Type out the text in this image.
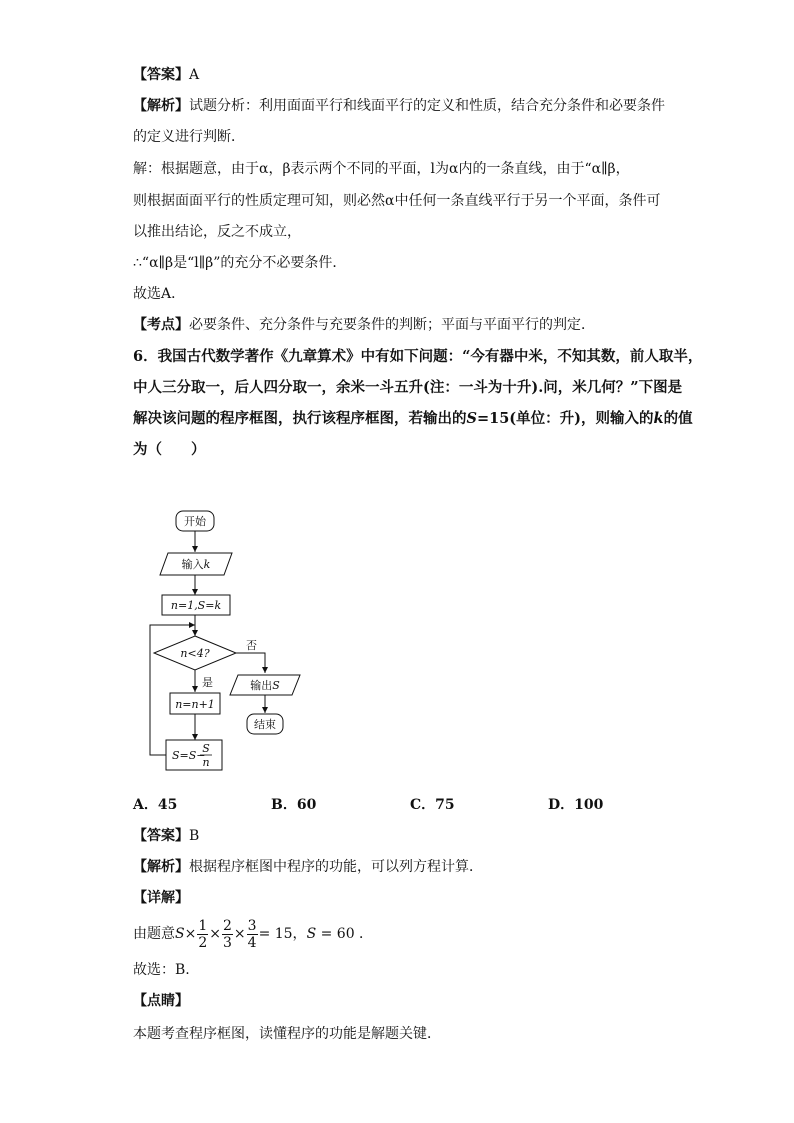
【答案】A
【解析】试题分析：利用面面平行和线面平行的定义和性质，结合充分条件和必要条件
的定义进行判断．
解：根据题意，由于α，β表示两个不同的平面，l为α内的一条直线，由于“α∥β，
则根据面面平行的性质定理可知，则必然α中任何一条直线平行于另一个平面，条件可
以推出结论，反之不成立，
∴“α∥β是“l∥β”的充分不必要条件．
故选A．
【考点】必要条件、充分条件与充要条件的判断；平面与平面平行的判定．
6．我国古代数学著作《九章算术》中有如下问题：“今有器中米，不知其数，前人取半，
中人三分取一，后人四分取一，余米一斗五升(注：一斗为十升).问，米几何？”下图是
解决该问题的程序框图，执行该程序框图，若输出的S=15(单位：升)，则输入的k的值
为（　　）
开始
输入k
n=1,S=k
n<4?
否
输出S
结束
是
n=n+1
S=S−
S
n
A．45	B．60	C．75	D．100
【答案】B
【解析】根据程序框图中程序的功能，可以列方程计算．
【详解】
由题意$S\times \frac{1}{2} \times \frac{2}{3} \times \frac{3}{4} = 15$，S = 60 ．
故选：B.
【点睛】
本题考查程序框图，读懂程序的功能是解题关键．
